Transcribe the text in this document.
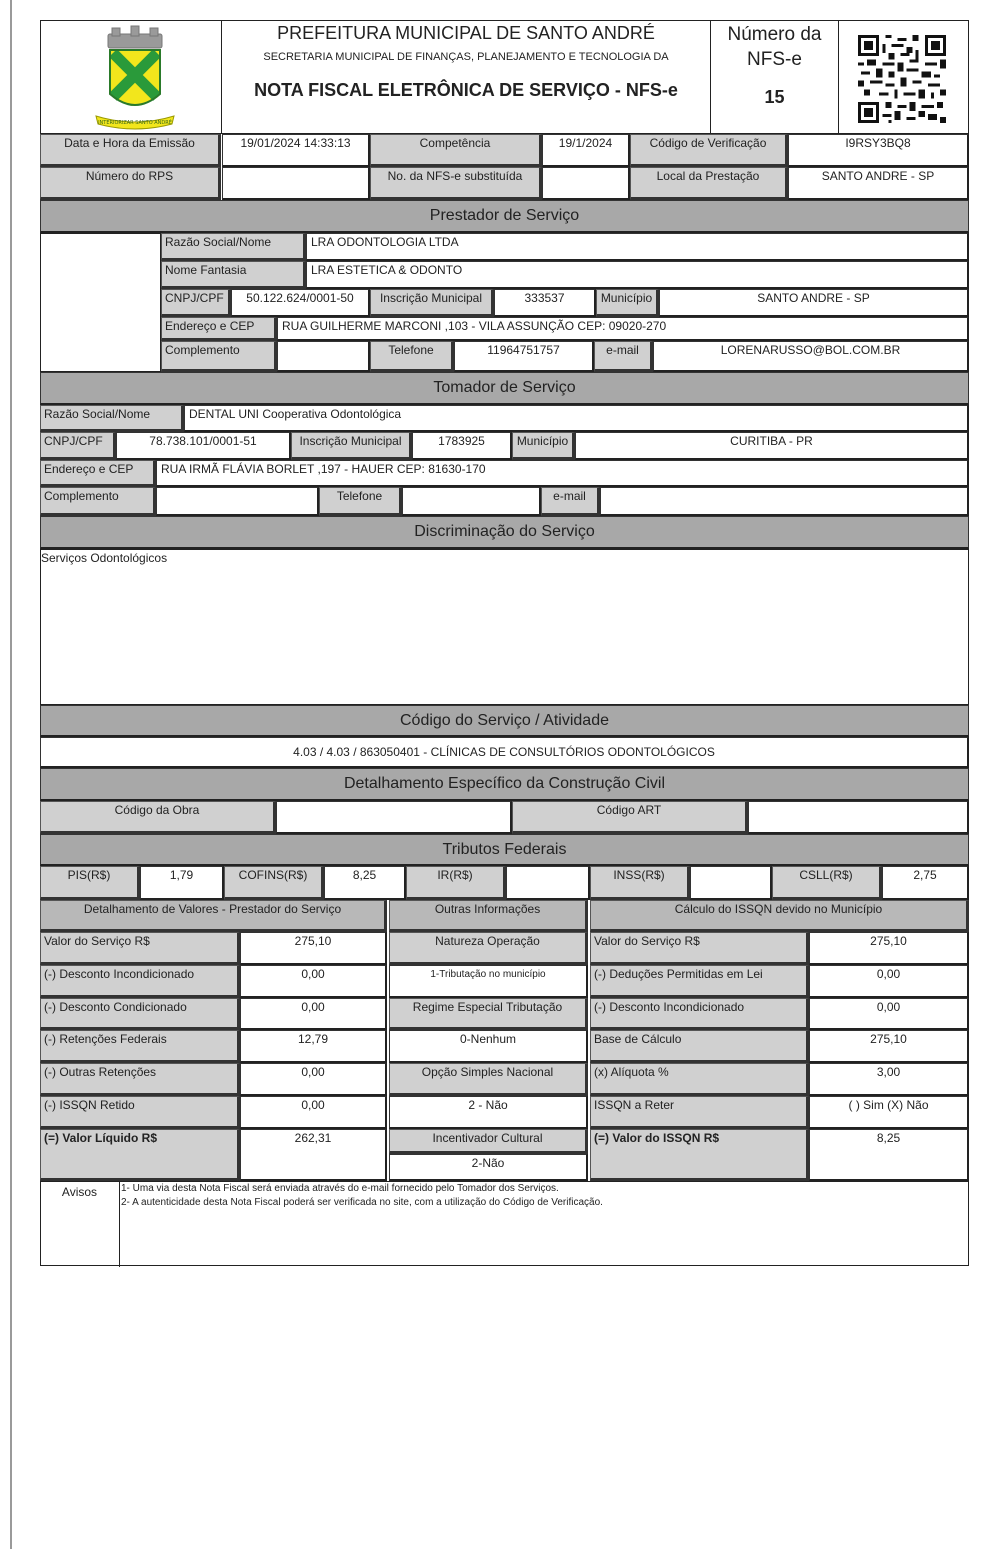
INTERIORIZAR SANTO ANDRÉ
PREFEITURA MUNICIPAL DE SANTO ANDRÉ
SECRETARIA MUNICIPAL DE FINANÇAS, PLANEJAMENTO E TECNOLOGIA DA
NOTA FISCAL ELETRÔNICA DE SERVIÇO - NFS-e
Número da
NFS-e
15
Data e Hora da Emissão	19/01/2024 14:33:13	Competência	19/1/2024	Código de Verificação	I9RSY3BQ8
Número do RPS	No. da NFS-e substituída	Local da Prestação	SANTO ANDRE - SP
Prestador de Serviço
Razão Social/Nome	LRA ODONTOLOGIA LTDA
Nome Fantasia	LRA ESTETICA & ODONTO
CNPJ/CPF	50.122.624/0001-50	Inscrição Municipal	333537	Município	SANTO ANDRE - SP
Endereço e CEP	RUA GUILHERME MARCONI ,103 - VILA ASSUNÇÃO CEP: 09020-270
Complemento	Telefone	11964751757	e-mail	LORENARUSSO@BOL.COM.BR
Tomador de Serviço
Razão Social/Nome	DENTAL UNI Cooperativa Odontológica
CNPJ/CPF	78.738.101/0001-51	Inscrição Municipal	1783925	Município	CURITIBA - PR
Endereço e CEP	RUA IRMÃ FLÁVIA BORLET ,197 - HAUER CEP: 81630-170
Complemento	Telefone	e-mail
Discriminação do Serviço
Serviços Odontológicos
Código do Serviço / Atividade
4.03 / 4.03 / 863050401 - CLÍNICAS DE CONSULTÓRIOS ODONTOLÓGICOS
Detalhamento Específico da Construção Civil
Código da Obra	Código ART
Tributos Federais
PIS(R$)	1,79	COFINS(R$)	8,25	IR(R$)	INSS(R$)	CSLL(R$)	2,75
Detalhamento de Valores - Prestador do Serviço	Outras Informações	Cálculo do ISSQN devido no Município
Valor do Serviço R$	275,10
(-) Desconto Incondicionado	0,00
(-) Desconto Condicionado	0,00
(-) Retenções Federais	12,79
(-) Outras Retenções	0,00
(-) ISSQN Retido	0,00
(=) Valor Líquido R$	262,31
Natureza Operação
1-Tributação no município
Regime Especial Tributação
0-Nenhum
Opção Simples Nacional
2 - Não
Incentivador Cultural
2-Não
Valor do Serviço R$	275,10
(-) Deduções Permitidas em Lei	0,00
(-) Desconto Incondicionado	0,00
Base de Cálculo	275,10
(x) Alíquota %	3,00
ISSQN a Reter	( ) Sim (X) Não
(=) Valor do ISSQN R$	8,25
Avisos	1- Uma via desta Nota Fiscal será enviada através do e-mail fornecido pelo Tomador dos Serviços.
2- A autenticidade desta Nota Fiscal poderá ser verificada no site, com a utilização do Código de Verificação.
